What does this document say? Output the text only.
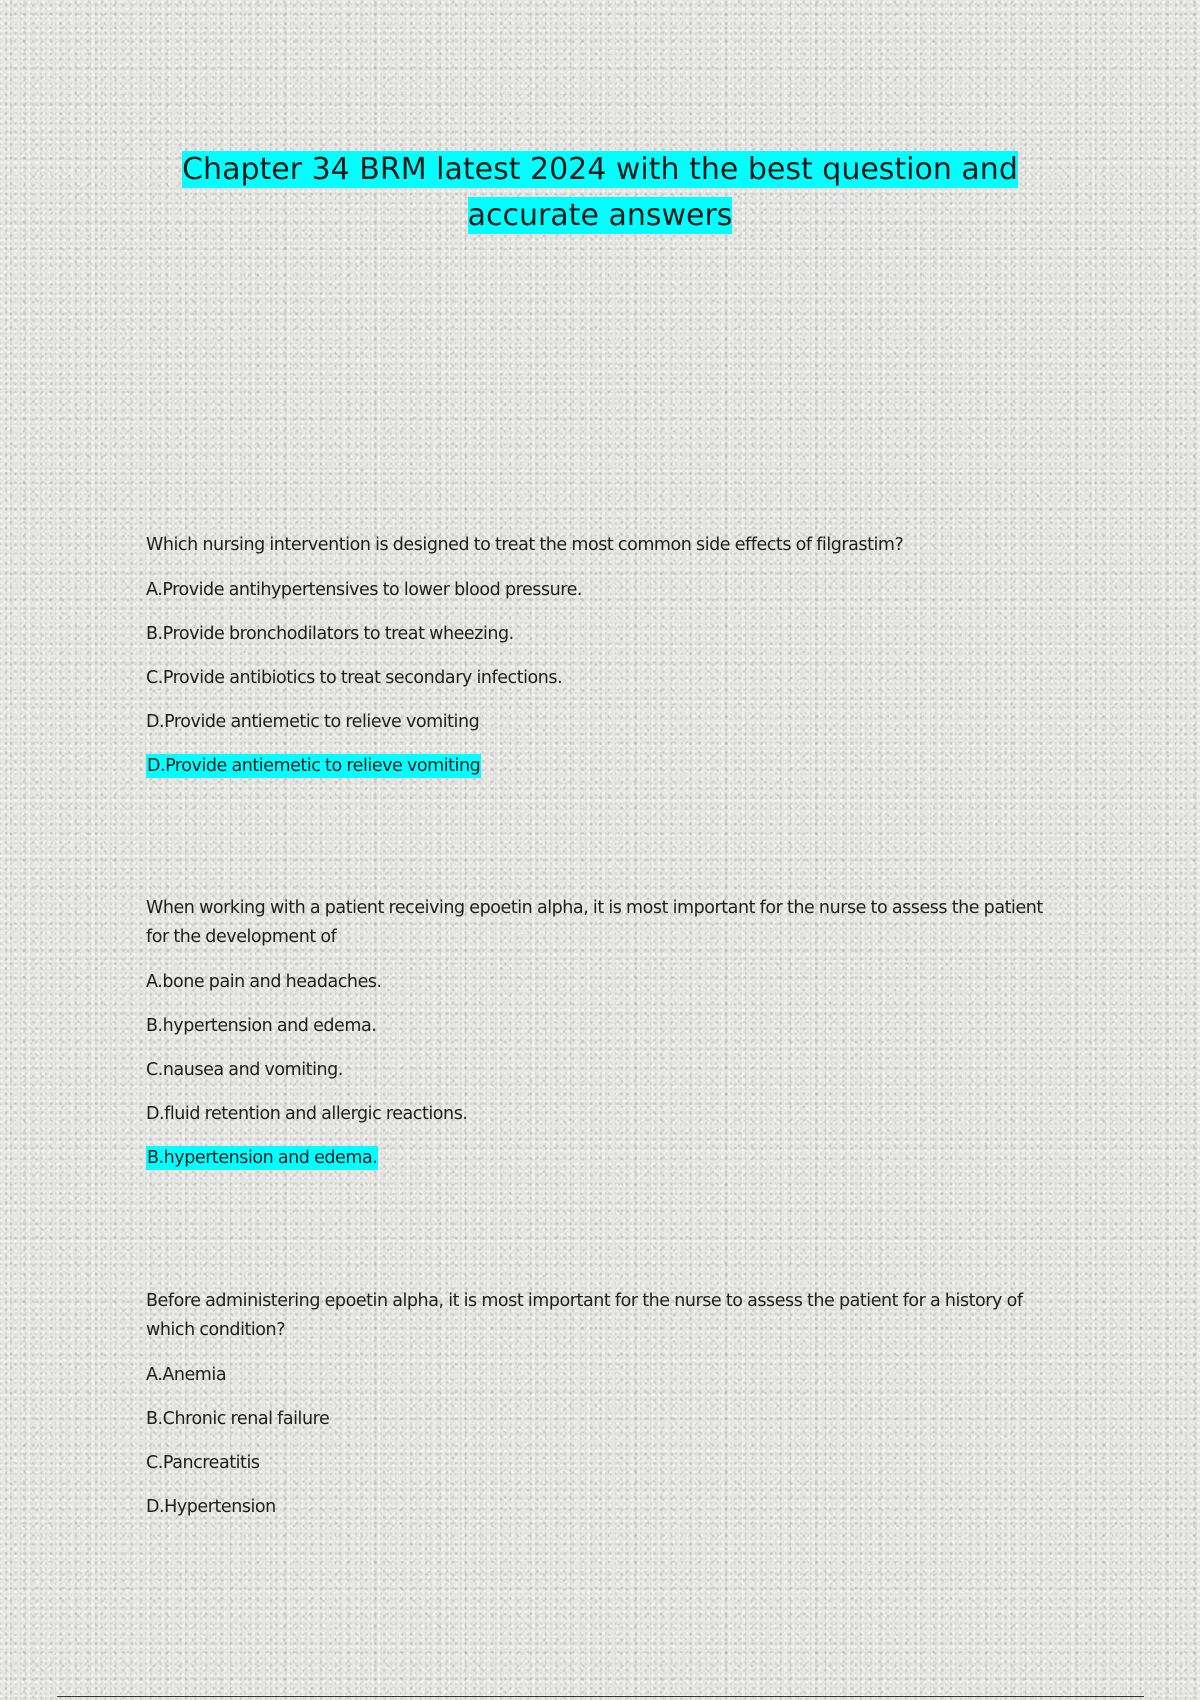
Chapter 34 BRM latest 2024 with the best question and
accurate answers

Which nursing intervention is designed to treat the most common side effects of filgrastim?

A.Provide antihypertensives to lower blood pressure.

B.Provide bronchodilators to treat wheezing.

C.Provide antibiotics to treat secondary infections.

D.Provide antiemetic to relieve vomiting

D.Provide antiemetic to relieve vomiting

When working with a patient receiving epoetin alpha, it is most important for the nurse to assess the patient for the development of

A.bone pain and headaches.

B.hypertension and edema.

C.nausea and vomiting.

D.fluid retention and allergic reactions.

B.hypertension and edema.

Before administering epoetin alpha, it is most important for the nurse to assess the patient for a history of which condition?

A.Anemia

B.Chronic renal failure

C.Pancreatitis

D.Hypertension
